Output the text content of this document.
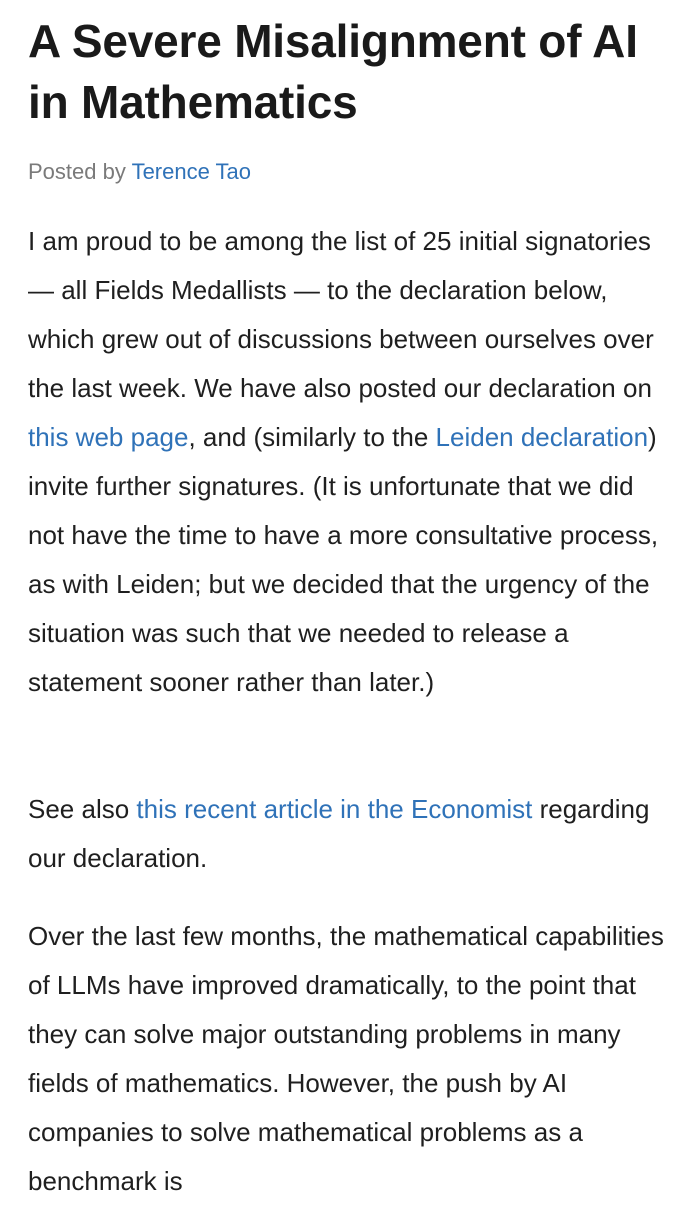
A Severe Misalignment of AI in Mathematics
Posted by Terence Tao

I am proud to be among the list of 25 initial signatories — all Fields Medallists — to the declaration below, which grew out of discussions between ourselves over the last week. We have also posted our declaration on this web page, and (similarly to the Leiden declaration) invite further signatures. (It is unfortunate that we did not have the time to have a more consultative process, as with Leiden; but we decided that the urgency of the situation was such that we needed to release a statement sooner rather than later.)

See also this recent article in the Economist regarding our declaration.

Over the last few months, the mathematical capabilities of LLMs have improved dramatically, to the point that they can solve major outstanding problems in many fields of mathematics. However, the push by AI companies to solve mathematical problems as a benchmark is
